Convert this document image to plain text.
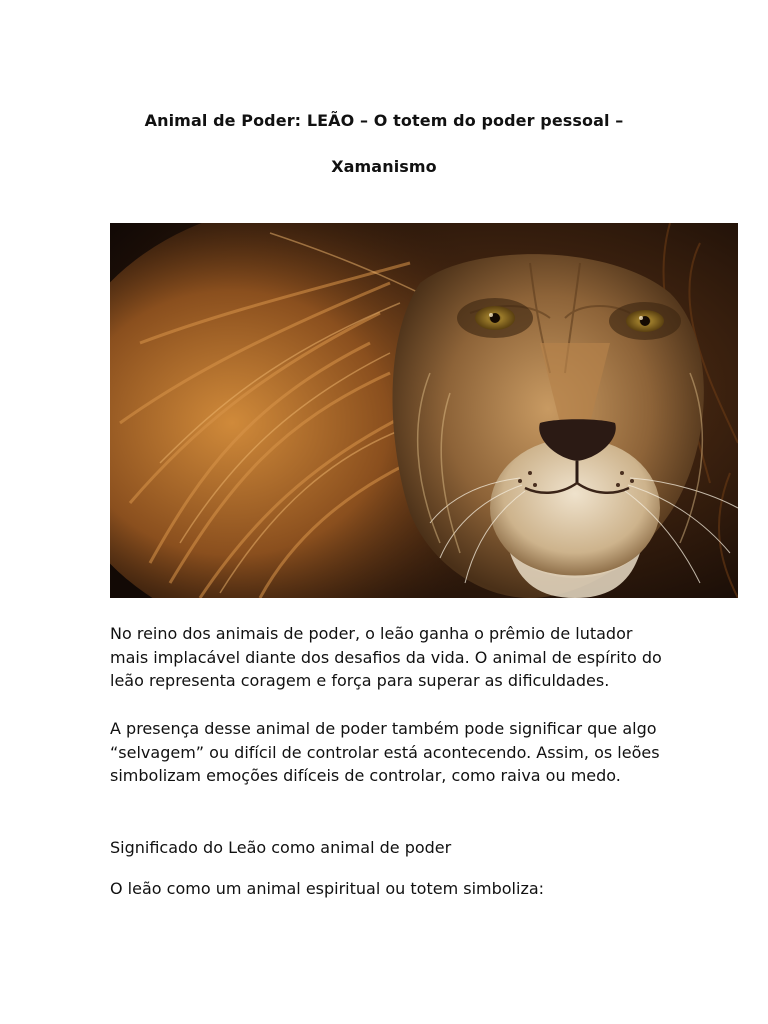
Animal de Poder: LEÃO – O totem do poder pessoal –
Xamanismo

No reino dos animais de poder, o leão ganha o prêmio de lutador mais implacável diante dos desafios da vida. O animal de espírito do leão representa coragem e força para superar as dificuldades.

A presença desse animal de poder também pode significar que algo “selvagem” ou difícil de controlar está acontecendo. Assim, os leões simbolizam emoções difíceis de controlar, como raiva ou medo.

Significado do Leão como animal de poder

O leão como um animal espiritual ou totem simboliza:
